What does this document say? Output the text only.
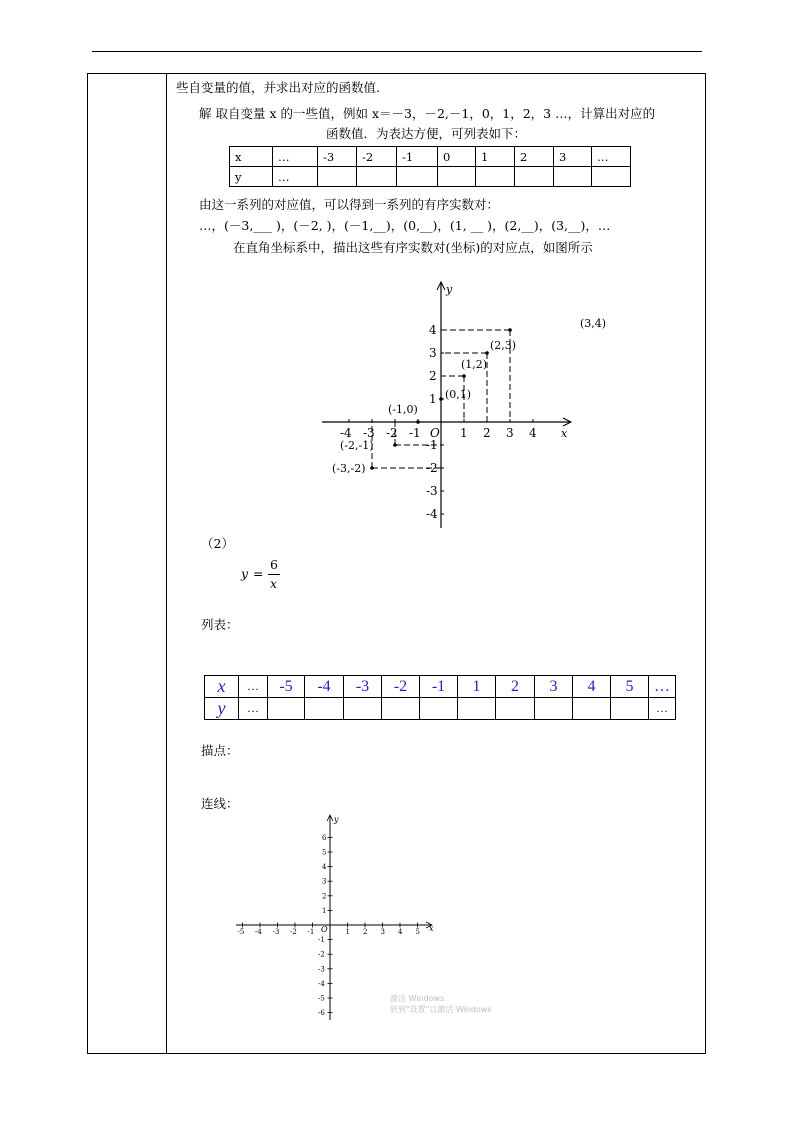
些自变量的值，并求出对应的函数值.
解 取自变量 x 的一些值，例如 x＝－3，－2,－1，0，1，2，3 …，计算出对应的
函数值．为表达方便，可列表如下：
x	…	-3	-2	-1	0	1	2	3	…
y	…								
由这一系列的对应值，可以得到一系列的有序实数对：
…，(－3,___ )，(－2, )，(－1,__)，(0,__)，(1, __ )，(2,__)，(3,__)，…
在直角坐标系中，描出这些有序实数对(坐标)的对应点，如图所示
x
y
O
-4 -3 -2 -1	1 2 3 4
4
3
2
1
-1
-2
-3
-4
(3,4)
(2,3)
(1,2)
(0,1)
(-1,0)
(-2,-1)
(-3,-2)
（2）
y =
6
x
列表：
x	…	-5	-4	-3	-2	-1	1	2	3	4	5	…
y	…											…
描点：
连线：
x
y
O
-5 -4 -3 -2 -1	1 2 3 4 5
6
5
4
3
2
1
-1
-2
-3
-4
-5
-6
激活 Windows
转到"设置"以激活 Windows
